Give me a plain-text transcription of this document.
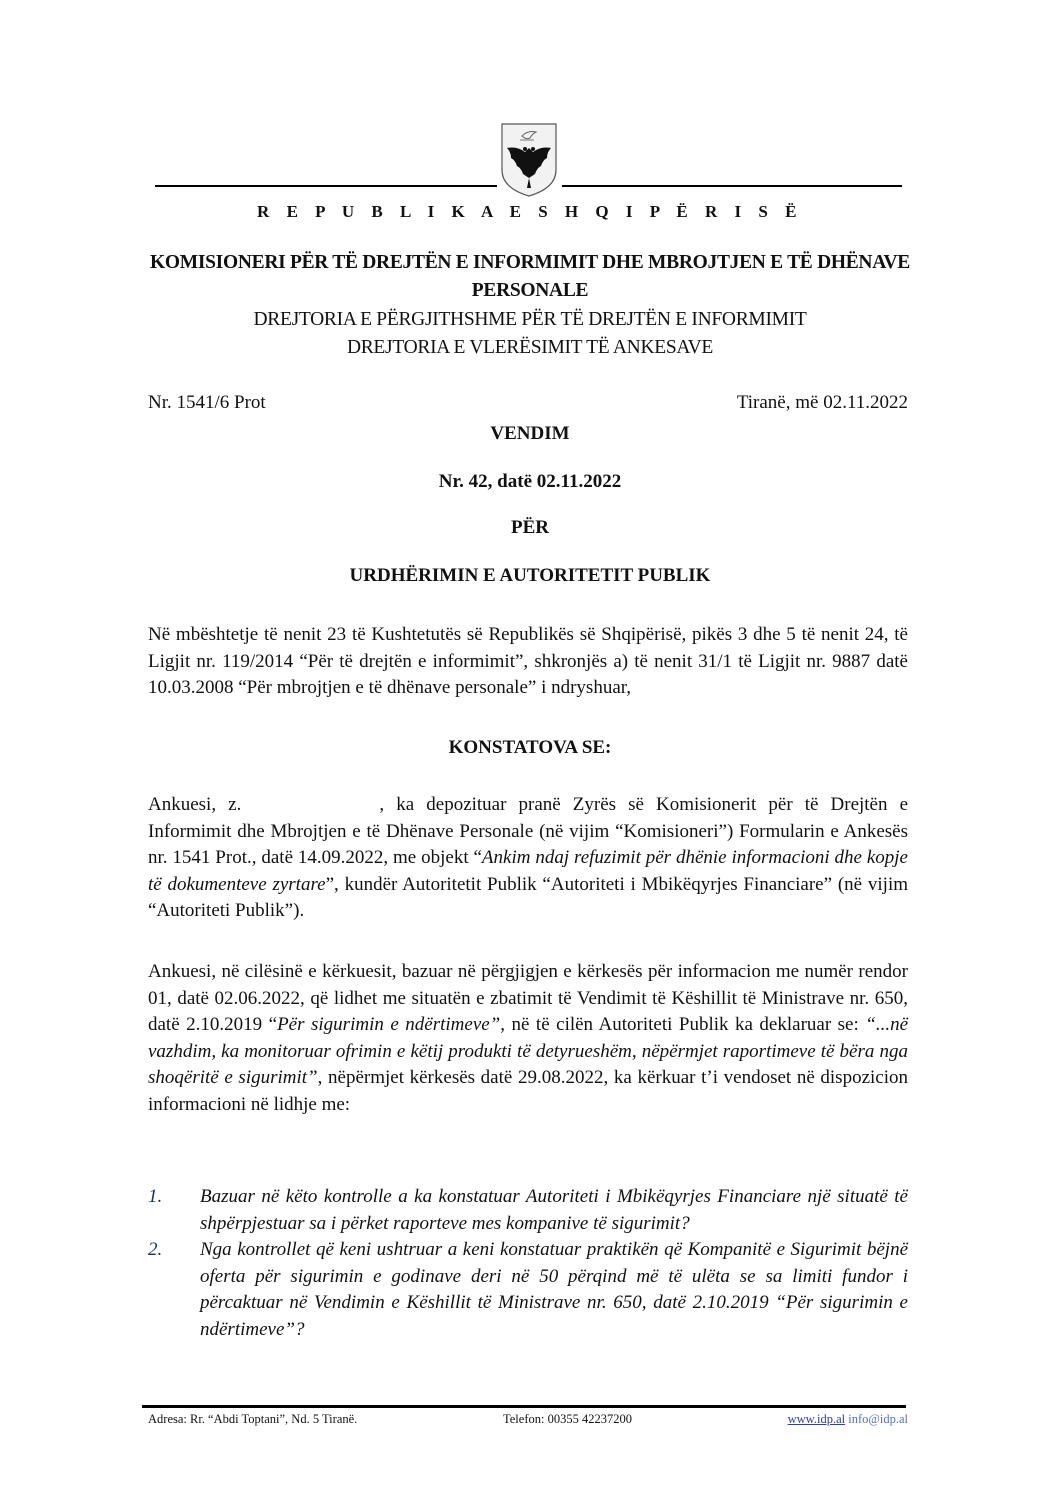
R E P U B L I K A E S H Q I P Ë R I S Ë
KOMISIONERI PËR TË DREJTËN E INFORMIMIT DHE MBROJTJEN E TË DHËNAVE PERSONALE
DREJTORIA E PËRGJITHSHME PËR TË DREJTËN E INFORMIMIT
DREJTORIA E VLERËSIMIT TË ANKESAVE
Nr. 1541/6 Prot	Tiranë, më 02.11.2022
VENDIM
Nr. 42, datë 02.11.2022
PËR
URDHËRIMIN E AUTORITETIT PUBLIK
Në mbështetje të nenit 23 të Kushtetutës së Republikës së Shqipërisë, pikës 3 dhe 5 të nenit 24, të Ligjit nr. 119/2014 “Për të drejtën e informimit”, shkronjës a) të nenit 31/1 të Ligjit nr. 9887 datë 10.03.2008 “Për mbrojtjen e të dhënave personale” i ndryshuar,
KONSTATOVA SE:
Ankuesi, z.	, ka depozituar pranë Zyrës së Komisionerit për të Drejtën e Informimit dhe Mbrojtjen e të Dhënave Personale (në vijim “Komisioneri”) Formularin e Ankesës nr. 1541 Prot., datë 14.09.2022, me objekt “Ankim ndaj refuzimit për dhënie informacioni dhe kopje të dokumenteve zyrtare”, kundër Autoritetit Publik “Autoriteti i Mbikëqyrjes Financiare” (në vijim “Autoriteti Publik”).
Ankuesi, në cilësinë e kërkuesit, bazuar në përgjigjen e kërkesës për informacion me numër rendor 01, datë 02.06.2022, që lidhet me situatën e zbatimit të Vendimit të Këshillit të Ministrave nr. 650, datë 2.10.2019 “Për sigurimin e ndërtimeve”, në të cilën Autoriteti Publik ka deklaruar se: “...në vazhdim, ka monitoruar ofrimin e këtij produkti të detyrueshëm, nëpërmjet raportimeve të bëra nga shoqëritë e sigurimit”, nëpërmjet kërkesës datë 29.08.2022, ka kërkuar t’i vendoset në dispozicion informacioni në lidhje me:
1. Bazuar në këto kontrolle a ka konstatuar Autoriteti i Mbikëqyrjes Financiare një situatë të shpërpjestuar sa i përket raporteve mes kompanive të sigurimit?
2. Nga kontrollet që keni ushtruar a keni konstatuar praktikën që Kompanitë e Sigurimit bëjnë oferta për sigurimin e godinave deri në 50 përqind më të ulëta se sa limiti fundor i përcaktuar në Vendimin e Këshillit të Ministrave nr. 650, datë 2.10.2019 “Për sigurimin e ndërtimeve”?
Adresa: Rr. “Abdi Toptani”, Nd. 5 Tiranë.	Telefon: 00355 42237200	www.idp.al info@idp.al
